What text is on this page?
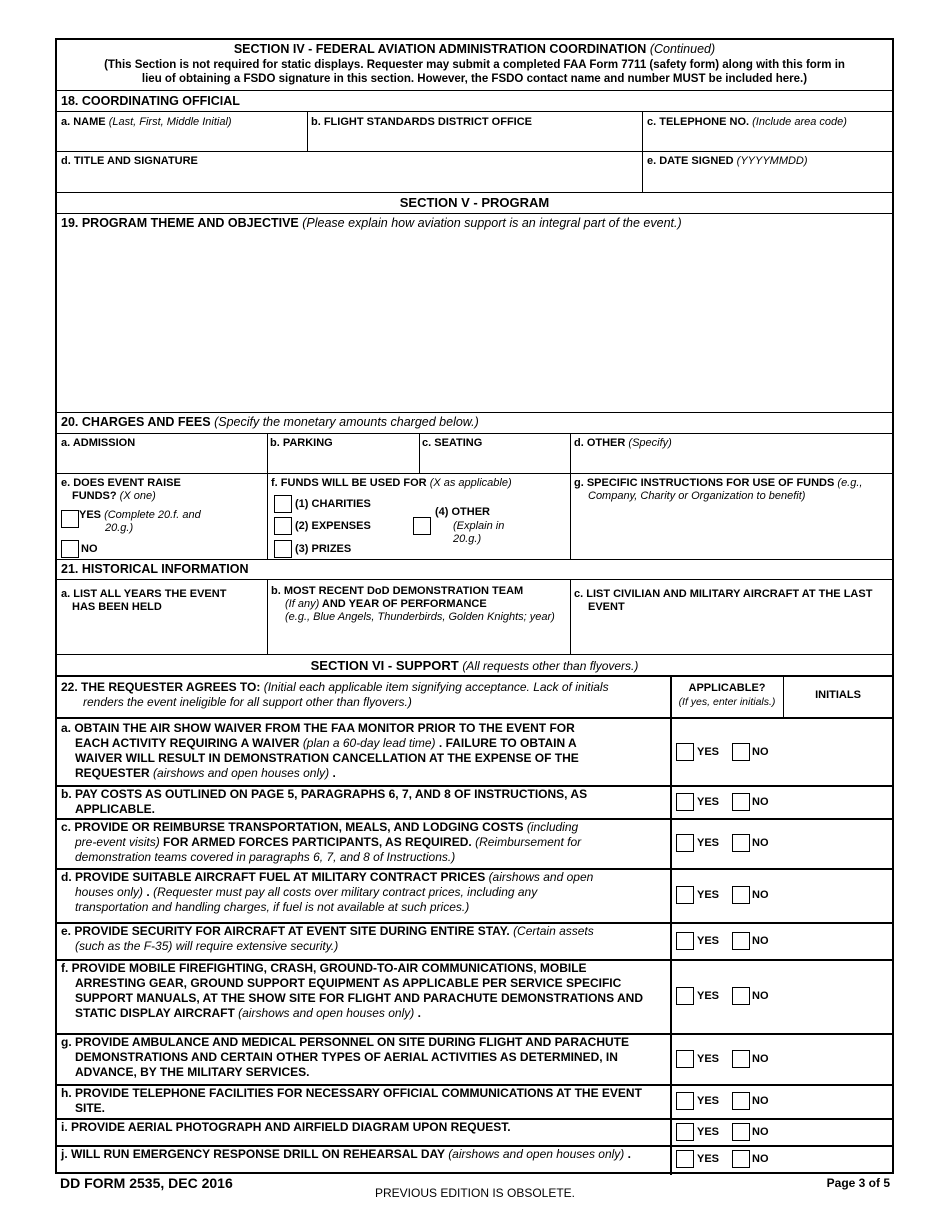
SECTION IV - FEDERAL AVIATION ADMINISTRATION COORDINATION (Continued)
(This Section is not required for static displays. Requester may submit a completed FAA Form 7711 (safety form) along with this form in
lieu of obtaining a FSDO signature in this section. However, the FSDO contact name and number MUST be included here.)
18. COORDINATING OFFICIAL
a. NAME (Last, First, Middle Initial)	b. FLIGHT STANDARDS DISTRICT OFFICE	c. TELEPHONE NO. (Include area code)
d. TITLE AND SIGNATURE	e. DATE SIGNED (YYYYMMDD)
SECTION V - PROGRAM
19. PROGRAM THEME AND OBJECTIVE (Please explain how aviation support is an integral part of the event.)
20. CHARGES AND FEES (Specify the monetary amounts charged below.)
a. ADMISSION	b. PARKING	c. SEATING	d. OTHER (Specify)
e. DOES EVENT RAISE
FUNDS? (X one)
YES (Complete 20.f. and
20.g.)
NO
f. FUNDS WILL BE USED FOR (X as applicable)
(1) CHARITIES
(2) EXPENSES
(3) PRIZES
(4) OTHER
(Explain in
20.g.)
g. SPECIFIC INSTRUCTIONS FOR USE OF FUNDS (e.g.,
Company, Charity or Organization to benefit)
21. HISTORICAL INFORMATION
a. LIST ALL YEARS THE EVENT
HAS BEEN HELD
b. MOST RECENT DoD DEMONSTRATION TEAM
(If any) AND YEAR OF PERFORMANCE
(e.g., Blue Angels, Thunderbirds, Golden Knights; year)
c. LIST CIVILIAN AND MILITARY AIRCRAFT AT THE LAST
EVENT
SECTION VI - SUPPORT (All requests other than flyovers.)
22. THE REQUESTER AGREES TO: (Initial each applicable item signifying acceptance. Lack of initials
renders the event ineligible for all support other than flyovers.)
APPLICABLE?
(If yes, enter initials.)
INITIALS
a. OBTAIN THE AIR SHOW WAIVER FROM THE FAA MONITOR PRIOR TO THE EVENT FOR
EACH ACTIVITY REQUIRING A WAIVER (plan a 60-day lead time) . FAILURE TO OBTAIN A
WAIVER WILL RESULT IN DEMONSTRATION CANCELLATION AT THE EXPENSE OF THE
REQUESTER (airshows and open houses only) .
YES	NO
b. PAY COSTS AS OUTLINED ON PAGE 5, PARAGRAPHS 6, 7, AND 8 OF INSTRUCTIONS, AS
APPLICABLE.
YES	NO
c. PROVIDE OR REIMBURSE TRANSPORTATION, MEALS, AND LODGING COSTS (including
pre-event visits) FOR ARMED FORCES PARTICIPANTS, AS REQUIRED. (Reimbursement for
demonstration teams covered in paragraphs 6, 7, and 8 of Instructions.)
YES	NO
d. PROVIDE SUITABLE AIRCRAFT FUEL AT MILITARY CONTRACT PRICES (airshows and open
houses only) . (Requester must pay all costs over military contract prices, including any
transportation and handling charges, if fuel is not available at such prices.)
YES	NO
e. PROVIDE SECURITY FOR AIRCRAFT AT EVENT SITE DURING ENTIRE STAY. (Certain assets
(such as the F-35) will require extensive security.)	YES	NO
f. PROVIDE MOBILE FIREFIGHTING, CRASH, GROUND-TO-AIR COMMUNICATIONS, MOBILE
ARRESTING GEAR, GROUND SUPPORT EQUIPMENT AS APPLICABLE PER SERVICE SPECIFIC
SUPPORT MANUALS, AT THE SHOW SITE FOR FLIGHT AND PARACHUTE DEMONSTRATIONS AND
STATIC DISPLAY AIRCRAFT (airshows and open houses only) .
YES	NO
g. PROVIDE AMBULANCE AND MEDICAL PERSONNEL ON SITE DURING FLIGHT AND PARACHUTE
DEMONSTRATIONS AND CERTAIN OTHER TYPES OF AERIAL ACTIVITIES AS DETERMINED, IN
ADVANCE, BY THE MILITARY SERVICES.
YES	NO
h. PROVIDE TELEPHONE FACILITIES FOR NECESSARY OFFICIAL COMMUNICATIONS AT THE EVENT
SITE.	YES	NO
i. PROVIDE AERIAL PHOTOGRAPH AND AIRFIELD DIAGRAM UPON REQUEST.	YES	NO
j. WILL RUN EMERGENCY RESPONSE DRILL ON REHEARSAL DAY (airshows and open houses only) .	YES	NO
DD FORM 2535, DEC 2016
PREVIOUS EDITION IS OBSOLETE.
Page 3 of 5
